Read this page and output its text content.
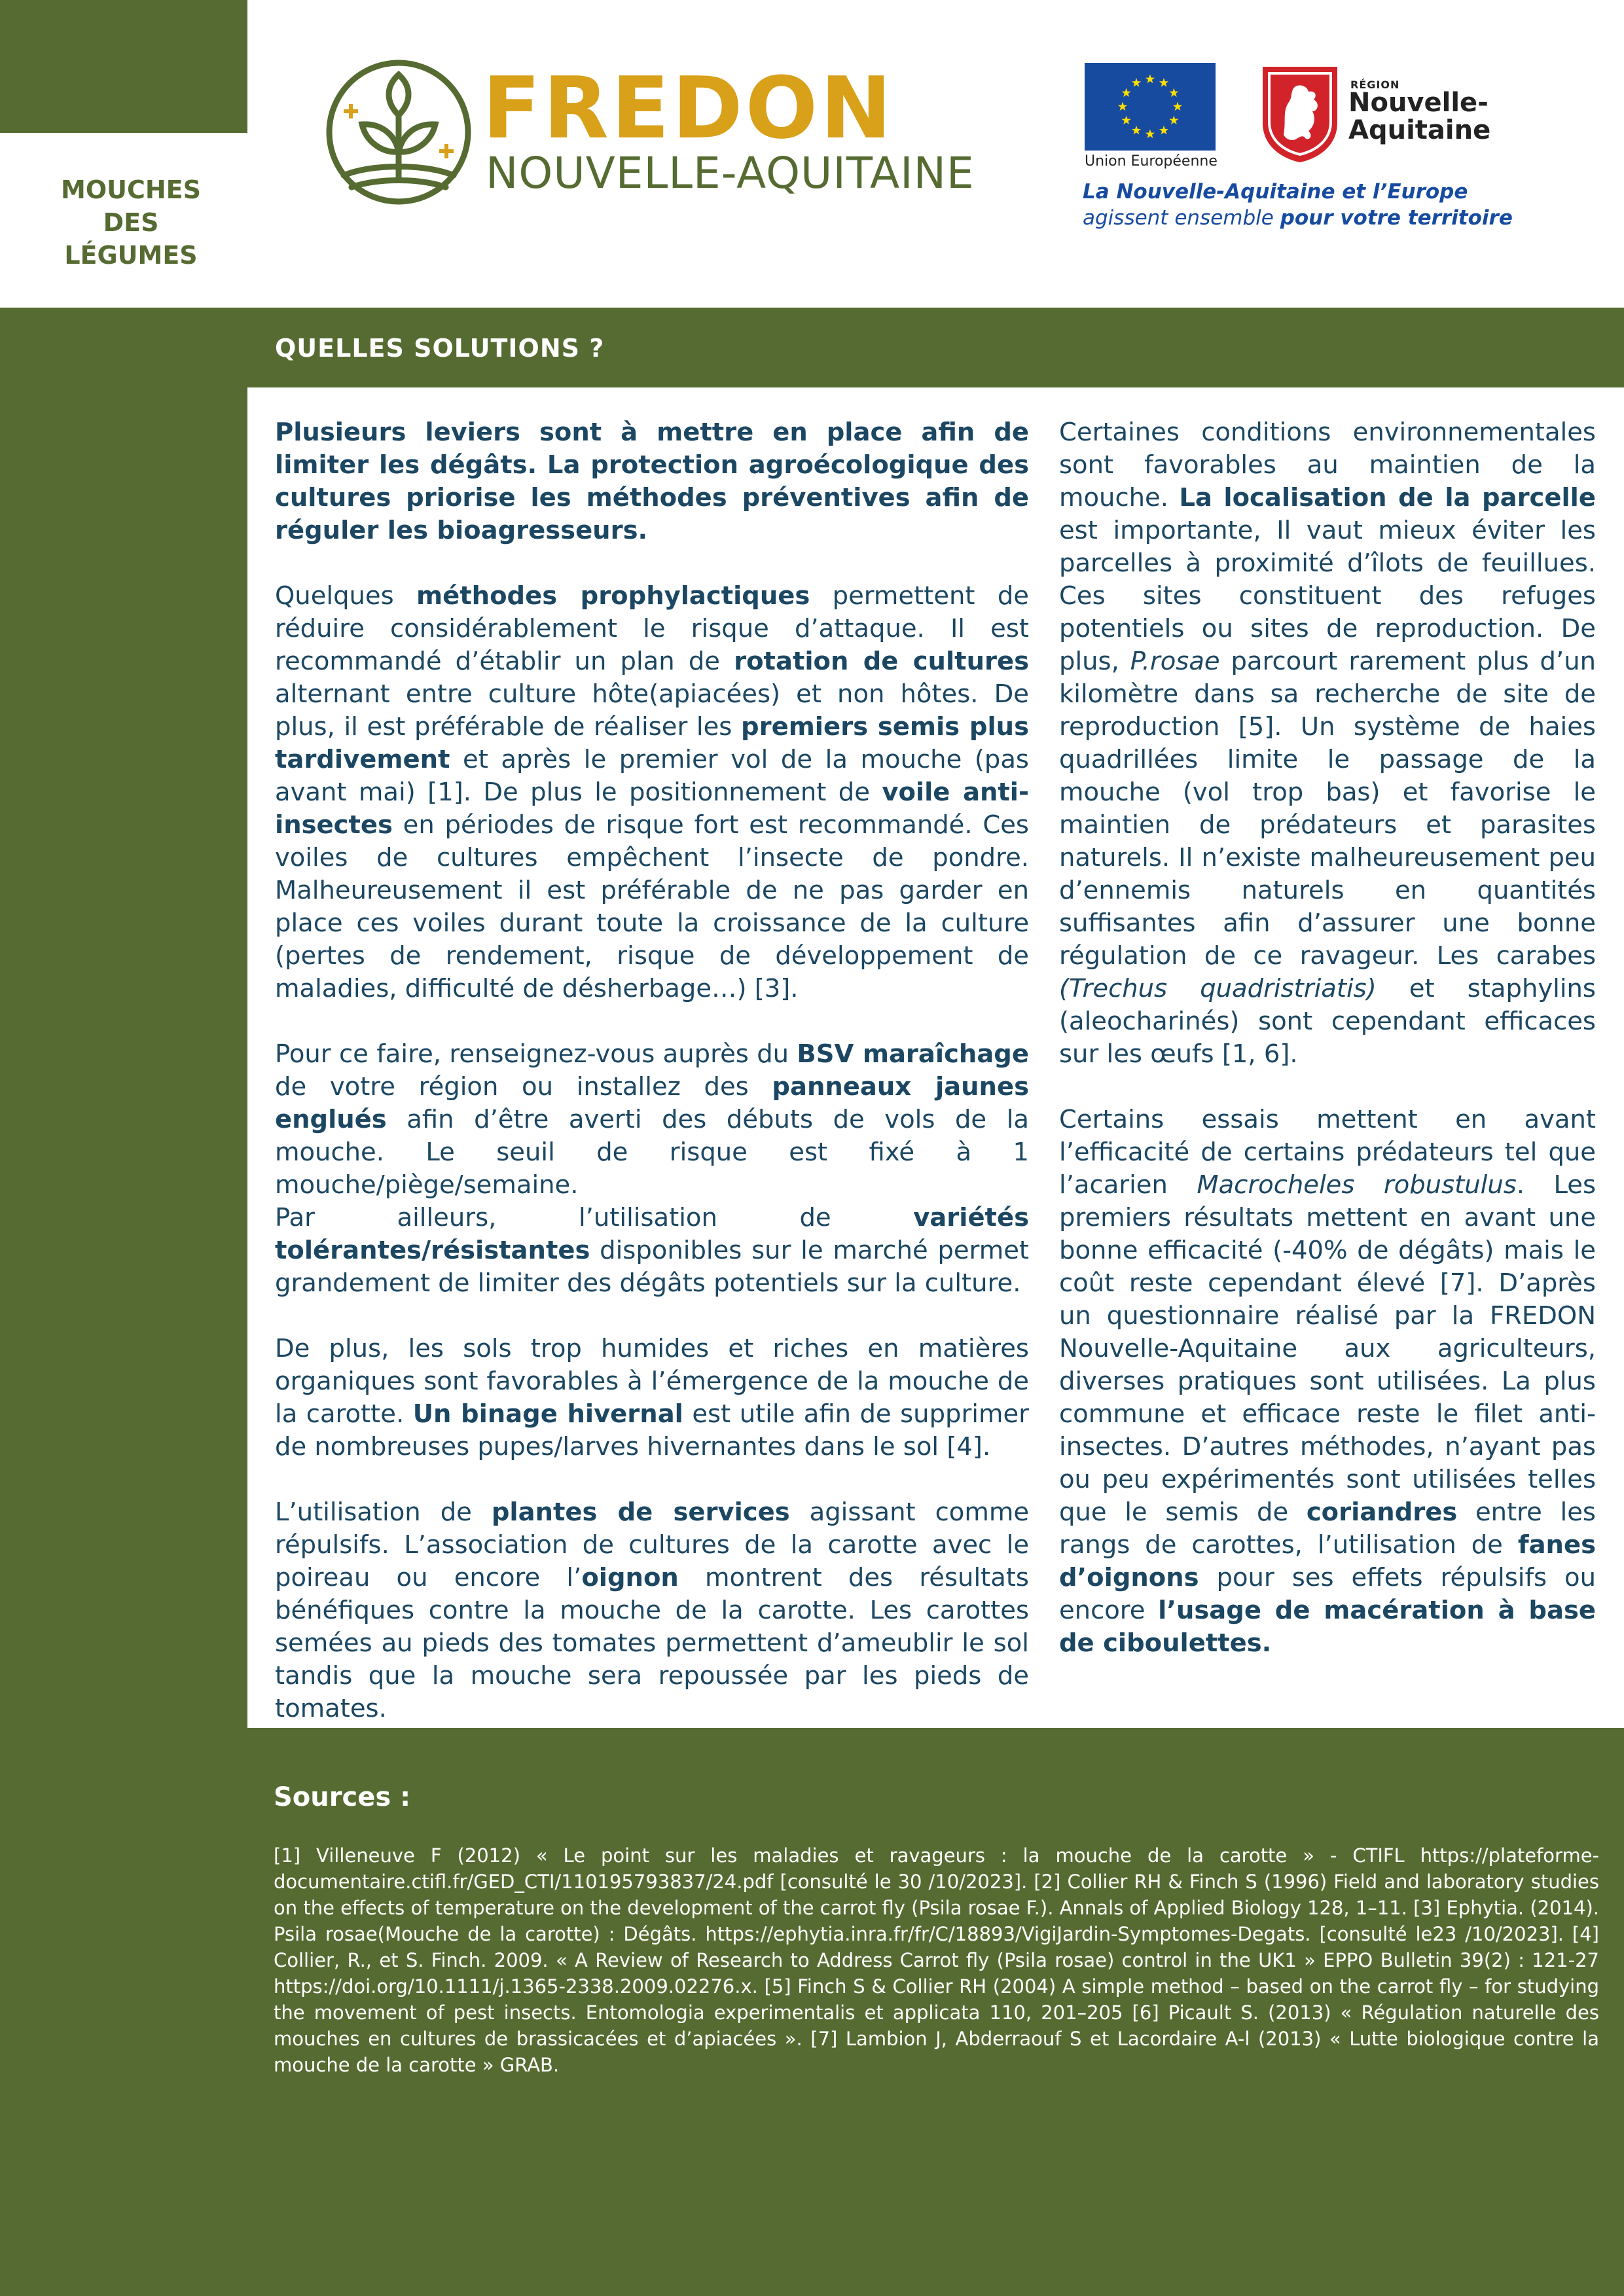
MOUCHES
DES
LÉGUMES
FREDON
NOUVELLE-AQUITAINE	Union Européenne
RÉGION
Nouvelle-
Aquitaine
La Nouvelle-Aquitaine et l’Europe
agissent ensemble pour votre territoire
QUELLES SOLUTIONS ?

Plusieurs leviers sont à mettre en place afin de limiter les dégâts. La protection agroécologique des cultures priorise les méthodes préventives afin de réguler les bioagresseurs.

Quelques méthodes prophylactiques permettent de réduire considérablement le risque d’attaque. Il est recommandé d’établir un plan de rotation de cultures alternant entre culture hôte(apiacées) et non hôtes. De plus, il est préférable de réaliser les premiers semis plus tardivement et après le premier vol de la mouche (pas avant mai) [1]. De plus le positionnement de voile anti-insectes en périodes de risque fort est recommandé. Ces voiles de cultures empêchent l’insecte de pondre. Malheureusement il est préférable de ne pas garder en place ces voiles durant toute la croissance de la culture (pertes de rendement, risque de développement de maladies, difficulté de désherbage…) [3].

Pour ce faire, renseignez-vous auprès du BSV maraîchage de votre région ou installez des panneaux jaunes englués afin d’être averti des débuts de vols de la mouche. Le seuil de risque est fixé à 1 mouche/piège/semaine.

Par ailleurs, l’utilisation de variétés tolérantes/résistantes disponibles sur le marché permet grandement de limiter des dégâts potentiels sur la culture.

De plus, les sols trop humides et riches en matières organiques sont favorables à l’émergence de la mouche de la carotte. Un binage hivernal est utile afin de supprimer de nombreuses pupes/larves hivernantes dans le sol [4].

L’utilisation de plantes de services agissant comme répulsifs. L’association de cultures de la carotte avec le poireau ou encore l’oignon montrent des résultats bénéfiques contre la mouche de la carotte. Les carottes semées au pieds des tomates permettent d’ameublir le sol tandis que la mouche sera repoussée par les pieds de tomates.

Certaines conditions environnementales sont favorables au maintien de la mouche. La localisation de la parcelle est importante, Il vaut mieux éviter les parcelles à proximité d’îlots de feuillues. Ces sites constituent des refuges potentiels ou sites de reproduction. De plus, P.rosae parcourt rarement plus d’un kilomètre dans sa recherche de site de reproduction [5]. Un système de haies quadrillées limite le passage de la mouche (vol trop bas) et favorise le maintien de prédateurs et parasites naturels. Il n’existe malheureusement peu d’ennemis naturels en quantités suffisantes afin d’assurer une bonne régulation de ce ravageur. Les carabes (Trechus quadristriatis) et staphylins (aleocharinés) sont cependant efficaces sur les œufs [1, 6].

Certains essais mettent en avant l’efficacité de certains prédateurs tel que l’acarien Macrocheles robustulus. Les premiers résultats mettent en avant une bonne efficacité (-40% de dégâts) mais le coût reste cependant élevé [7]. D’après un questionnaire réalisé par la FREDON Nouvelle-Aquitaine aux agriculteurs, diverses pratiques sont utilisées. La plus commune et efficace reste le filet anti-insectes. D’autres méthodes, n’ayant pas ou peu expérimentés sont utilisées telles que le semis de coriandres entre les rangs de carottes, l’utilisation de fanes d’oignons pour ses effets répulsifs ou encore l’usage de macération à base de ciboulettes.

Sources :
[1] Villeneuve F (2012) « Le point sur les maladies et ravageurs : la mouche de la carotte » - CTIFL https://plateforme-documentaire.ctifl.fr/GED_CTI/110195793837/24.pdf [consulté le 30 /10/2023]. [2] Collier RH & Finch S (1996) Field and laboratory studies on the effects of temperature on the development of the carrot fly (Psila rosae F.). Annals of Applied Biology 128, 1–11. [3] Ephytia. (2014). Psila rosae(Mouche de la carotte) : Dégâts. https://ephytia.inra.fr/fr/C/18893/VigiJardin-Symptomes-Degats. [consulté le23 /10/2023]. [4] Collier, R., et S. Finch. 2009. « A Review of Research to Address Carrot fly (Psila rosae) control in the UK1 » EPPO Bulletin 39(2) : 121-27 https://doi.org/10.1111/j.1365-2338.2009.02276.x. [5] Finch S & Collier RH (2004) A simple method – based on the carrot fly – for studying the movement of pest insects. Entomologia experimentalis et applicata 110, 201–205 [6] Picault S. (2013) « Régulation naturelle des mouches en cultures de brassicacées et d’apiacées ». [7] Lambion J, Abderraouf S et Lacordaire A-l (2013) « Lutte biologique contre la mouche de la carotte » GRAB.
